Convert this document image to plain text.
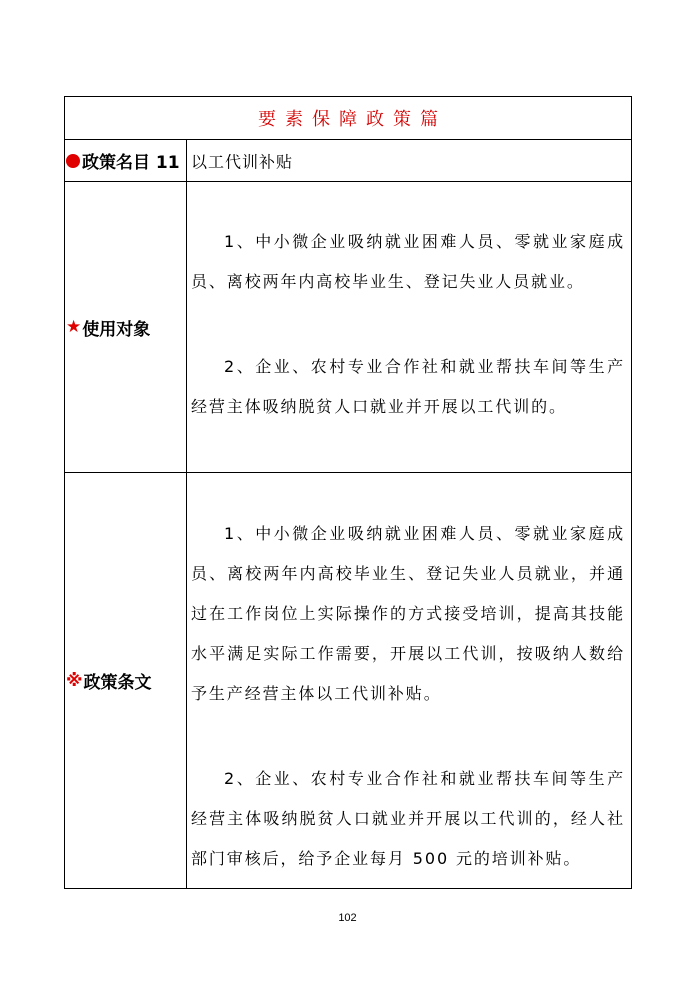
要素保障政策篇
政策名目 11 以工代训补贴
★ 使用对象

1、中小微企业吸纳就业困难人员、零就业家庭成员、离校两年内高校毕业生、登记失业人员就业。

2、企业、农村专业合作社和就业帮扶车间等生产经营主体吸纳脱贫人口就业并开展以工代训的。

※ 政策条文

1、中小微企业吸纳就业困难人员、零就业家庭成员、离校两年内高校毕业生、登记失业人员就业，并通过在工作岗位上实际操作的方式接受培训，提高其技能水平满足实际工作需要，开展以工代训，按吸纳人数给予生产经营主体以工代训补贴。

2、企业、农村专业合作社和就业帮扶车间等生产经营主体吸纳脱贫人口就业并开展以工代训的，经人社部门审核后，给予企业每月 500 元的培训补贴。

102
